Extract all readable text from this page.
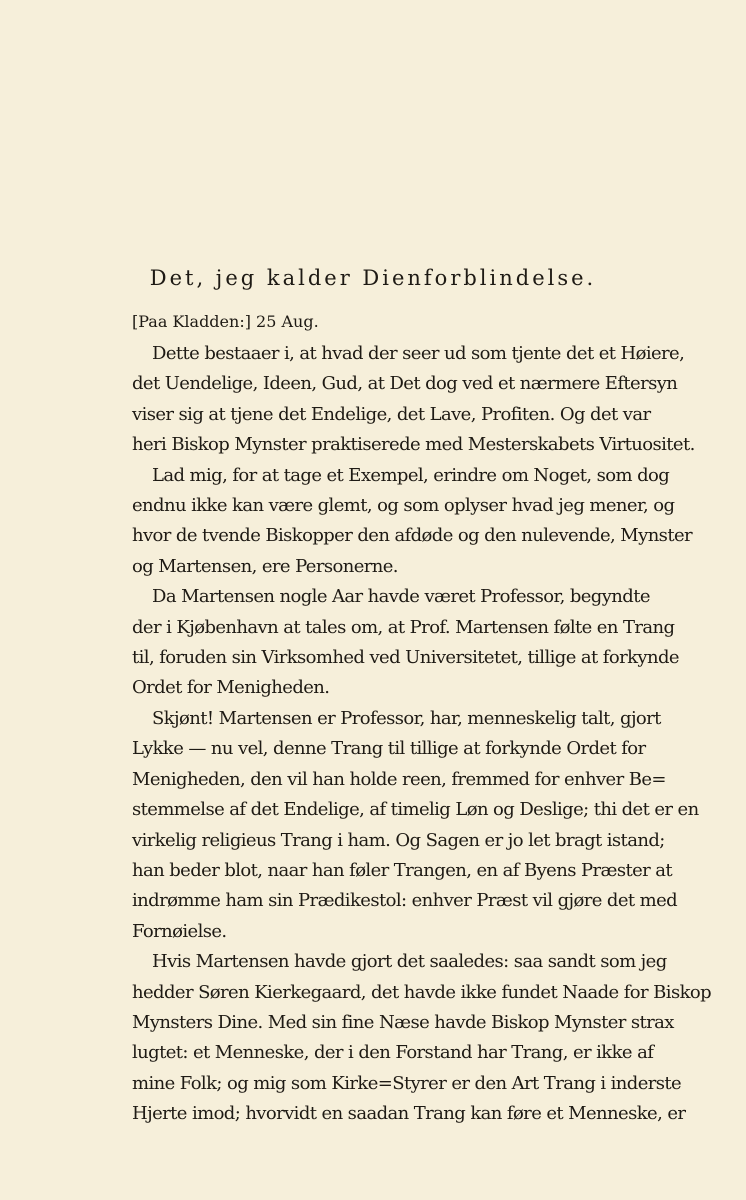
Det, jeg kalder Dienforblindelse.
[Paa Kladden:] 25 Aug.

Dette bestaaer i, at hvad der seer ud som tjente det et Høiere,
det Uendelige, Ideen, Gud, at Det dog ved et nærmere Eftersyn
viser sig at tjene det Endelige, det Lave, Profiten. Og det var
heri Biskop Mynster praktiserede med Mesterskabets Virtuositet.

Lad mig, for at tage et Exempel, erindre om Noget, som dog
endnu ikke kan være glemt, og som oplyser hvad jeg mener, og
hvor de tvende Biskopper den afdøde og den nulevende, Mynster
og Martensen, ere Personerne.

Da Martensen nogle Aar havde været Professor, begyndte
der i Kjøbenhavn at tales om, at Prof. Martensen følte en Trang
til, foruden sin Virksomhed ved Universitetet, tillige at forkynde
Ordet for Menigheden.

Skjønt! Martensen er Professor, har, menneskelig talt, gjort
Lykke — nu vel, denne Trang til tillige at forkynde Ordet for
Menigheden, den vil han holde reen, fremmed for enhver Be=
stemmelse af det Endelige, af timelig Løn og Deslige; thi det er en
virkelig religieus Trang i ham. Og Sagen er jo let bragt istand;
han beder blot, naar han føler Trangen, en af Byens Præster at
indrømme ham sin Prædikestol: enhver Præst vil gjøre det med
Fornøielse.

Hvis Martensen havde gjort det saaledes: saa sandt som jeg
hedder Søren Kierkegaard, det havde ikke fundet Naade for Biskop
Mynsters Dine. Med sin fine Næse havde Biskop Mynster strax
lugtet: et Menneske, der i den Forstand har Trang, er ikke af
mine Folk; og mig som Kirke=Styrer er den Art Trang i inderste
Hjerte imod; hvorvidt en saadan Trang kan føre et Menneske, er
